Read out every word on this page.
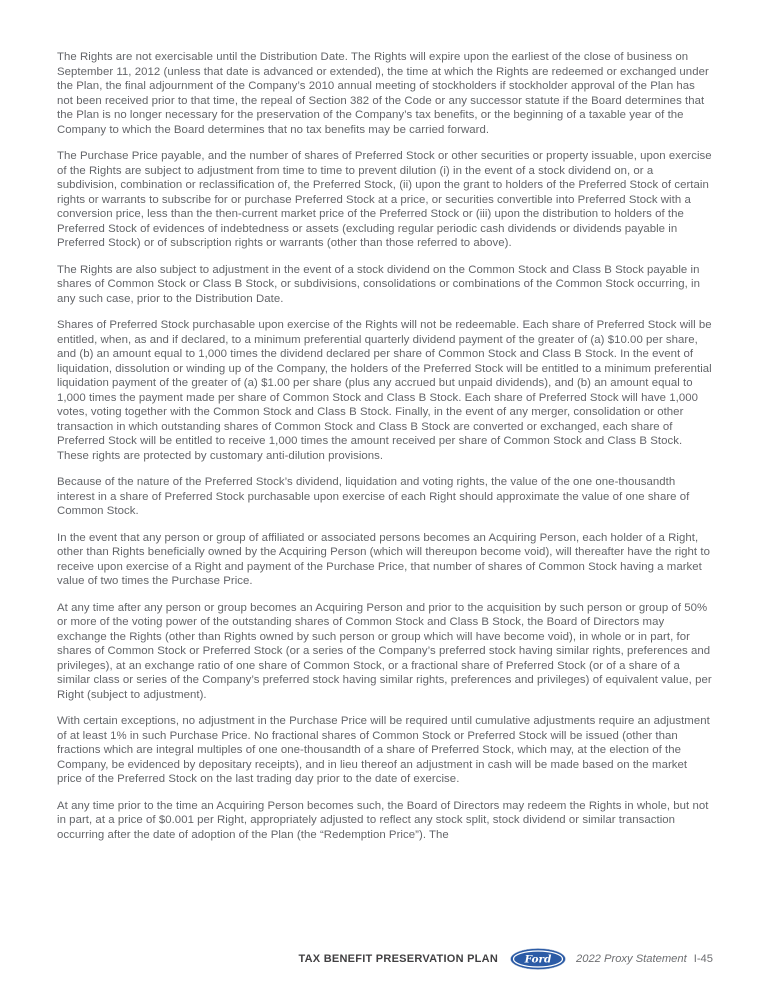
The Rights are not exercisable until the Distribution Date. The Rights will expire upon the earliest of the close of business on September 11, 2012 (unless that date is advanced or extended), the time at which the Rights are redeemed or exchanged under the Plan, the final adjournment of the Company’s 2010 annual meeting of stockholders if stockholder approval of the Plan has not been received prior to that time, the repeal of Section 382 of the Code or any successor statute if the Board determines that the Plan is no longer necessary for the preservation of the Company’s tax benefits, or the beginning of a taxable year of the Company to which the Board determines that no tax benefits may be carried forward.

The Purchase Price payable, and the number of shares of Preferred Stock or other securities or property issuable, upon exercise of the Rights are subject to adjustment from time to time to prevent dilution (i) in the event of a stock dividend on, or a subdivision, combination or reclassification of, the Preferred Stock, (ii) upon the grant to holders of the Preferred Stock of certain rights or warrants to subscribe for or purchase Preferred Stock at a price, or securities convertible into Preferred Stock with a conversion price, less than the then-current market price of the Preferred Stock or (iii) upon the distribution to holders of the Preferred Stock of evidences of indebtedness or assets (excluding regular periodic cash dividends or dividends payable in Preferred Stock) or of subscription rights or warrants (other than those referred to above).

The Rights are also subject to adjustment in the event of a stock dividend on the Common Stock and Class B Stock payable in shares of Common Stock or Class B Stock, or subdivisions, consolidations or combinations of the Common Stock occurring, in any such case, prior to the Distribution Date.

Shares of Preferred Stock purchasable upon exercise of the Rights will not be redeemable. Each share of Preferred Stock will be entitled, when, as and if declared, to a minimum preferential quarterly dividend payment of the greater of (a) $10.00 per share, and (b) an amount equal to 1,000 times the dividend declared per share of Common Stock and Class B Stock. In the event of liquidation, dissolution or winding up of the Company, the holders of the Preferred Stock will be entitled to a minimum preferential liquidation payment of the greater of (a) $1.00 per share (plus any accrued but unpaid dividends), and (b) an amount equal to 1,000 times the payment made per share of Common Stock and Class B Stock. Each share of Preferred Stock will have 1,000 votes, voting together with the Common Stock and Class B Stock. Finally, in the event of any merger, consolidation or other transaction in which outstanding shares of Common Stock and Class B Stock are converted or exchanged, each share of Preferred Stock will be entitled to receive 1,000 times the amount received per share of Common Stock and Class B Stock. These rights are protected by customary anti-dilution provisions.

Because of the nature of the Preferred Stock’s dividend, liquidation and voting rights, the value of the one one-thousandth interest in a share of Preferred Stock purchasable upon exercise of each Right should approximate the value of one share of Common Stock.

In the event that any person or group of affiliated or associated persons becomes an Acquiring Person, each holder of a Right, other than Rights beneficially owned by the Acquiring Person (which will thereupon become void), will thereafter have the right to receive upon exercise of a Right and payment of the Purchase Price, that number of shares of Common Stock having a market value of two times the Purchase Price.

At any time after any person or group becomes an Acquiring Person and prior to the acquisition by such person or group of 50% or more of the voting power of the outstanding shares of Common Stock and Class B Stock, the Board of Directors may exchange the Rights (other than Rights owned by such person or group which will have become void), in whole or in part, for shares of Common Stock or Preferred Stock (or a series of the Company’s preferred stock having similar rights, preferences and privileges), at an exchange ratio of one share of Common Stock, or a fractional share of Preferred Stock (or of a share of a similar class or series of the Company’s preferred stock having similar rights, preferences and privileges) of equivalent value, per Right (subject to adjustment).

With certain exceptions, no adjustment in the Purchase Price will be required until cumulative adjustments require an adjustment of at least 1% in such Purchase Price. No fractional shares of Common Stock or Preferred Stock will be issued (other than fractions which are integral multiples of one one-thousandth of a share of Preferred Stock, which may, at the election of the Company, be evidenced by depositary receipts), and in lieu thereof an adjustment in cash will be made based on the market price of the Preferred Stock on the last trading day prior to the date of exercise.

At any time prior to the time an Acquiring Person becomes such, the Board of Directors may redeem the Rights in whole, but not in part, at a price of $0.001 per Right, appropriately adjusted to reflect any stock split, stock dividend or similar transaction occurring after the date of adoption of the Plan (the “Redemption Price”). The

TAX BENEFIT PRESERVATION PLAN Ford 2022 Proxy Statement I-45
